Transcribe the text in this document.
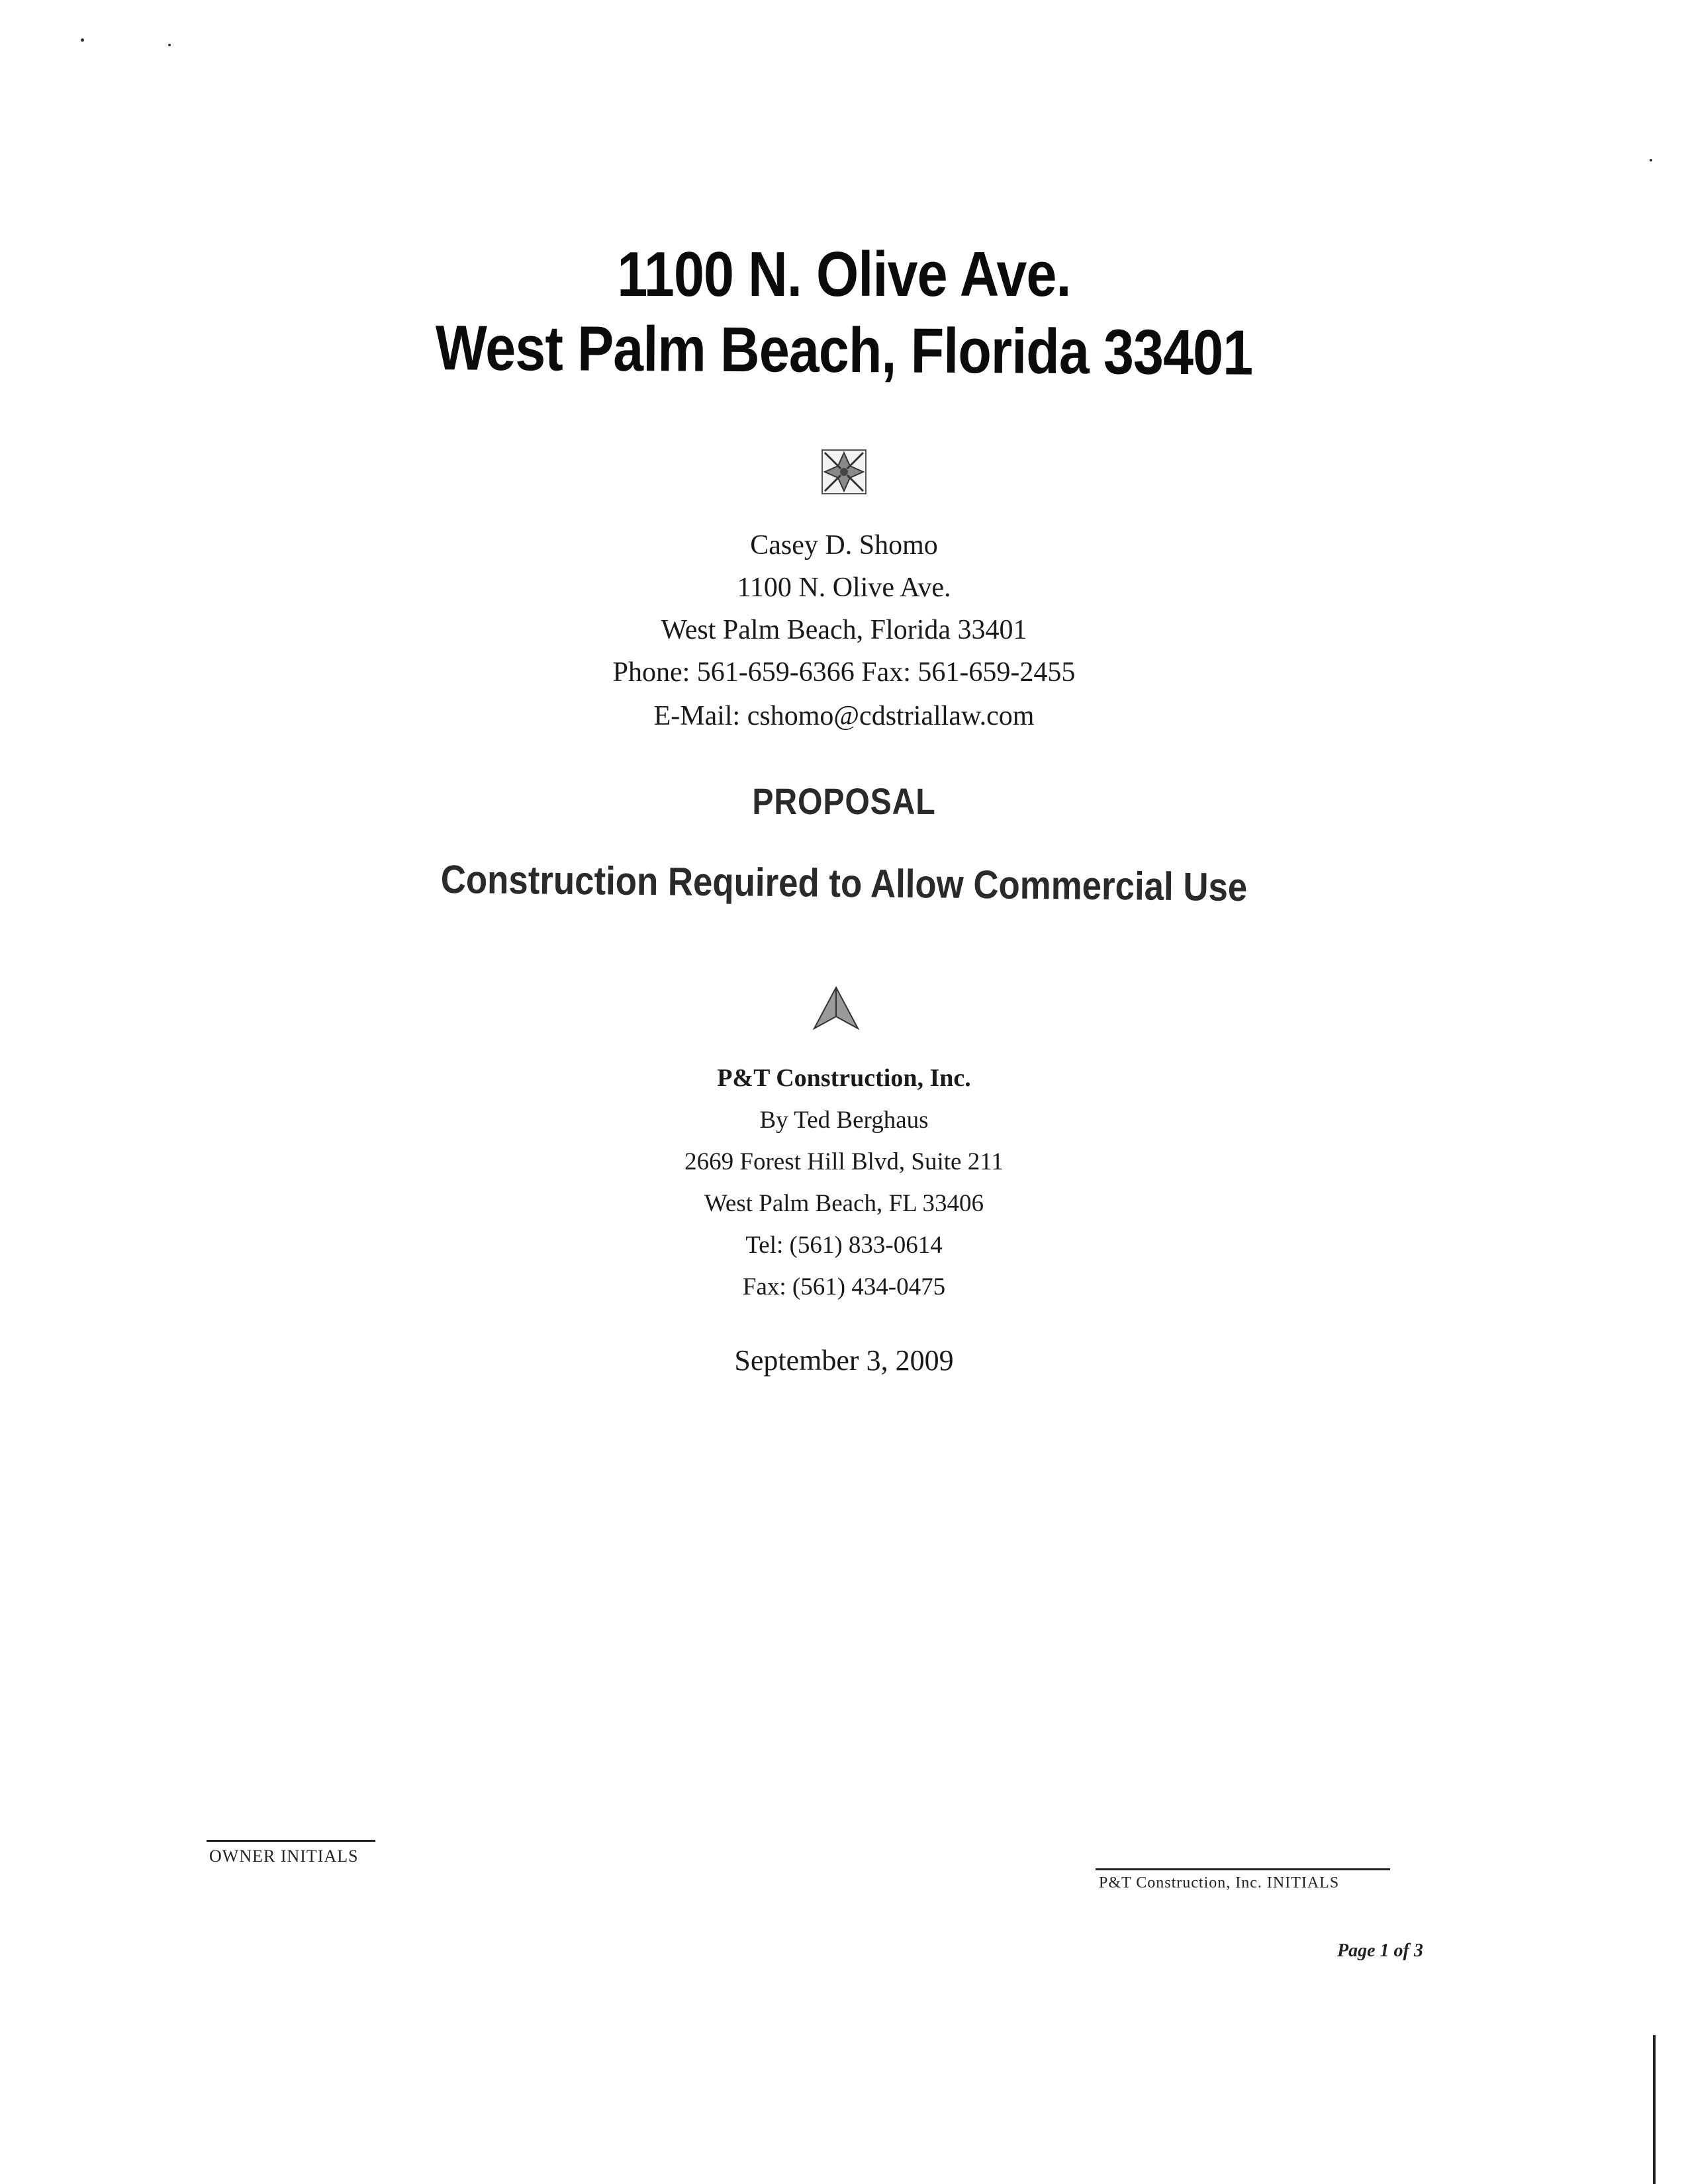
1100 N. Olive Ave.
West Palm Beach, Florida 33401
Casey D. Shomo
1100 N. Olive Ave.
West Palm Beach, Florida 33401
Phone: 561-659-6366 Fax: 561-659-2455
E-Mail: cshomo@cdstriallaw.com
PROPOSAL
Construction Required to Allow Commercial Use
P&T Construction, Inc.
By Ted Berghaus
2669 Forest Hill Blvd, Suite 211
West Palm Beach, FL 33406
Tel: (561) 833-0614
Fax: (561) 434-0475
September 3, 2009
OWNER INITIALS
P&T Construction, Inc. INITIALS
Page 1 of 3
